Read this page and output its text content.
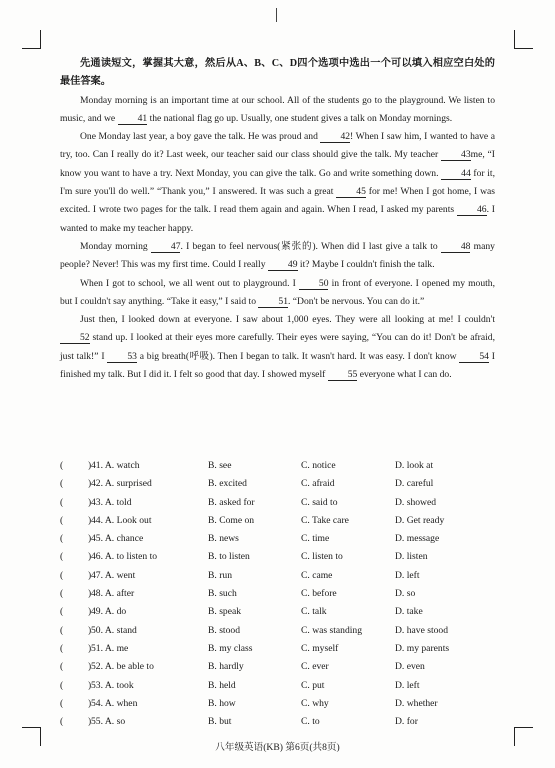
先通读短文，掌握其大意，然后从A、B、C、D四个选项中选出一个可以填入相应空白处的最佳答案。

Monday morning is an important time at our school. All of the students go to the playground. We listen to music, and we 41 the national flag go up. Usually, one student gives a talk on Monday mornings.

One Monday last year, a boy gave the talk. He was proud and 42! When I saw him, I wanted to have a try, too. Can I really do it? Last week, our teacher said our class should give the talk. My teacher 43me, “I know you want to have a try. Next Monday, you can give the talk. Go and write something down. 44 for it, I'm sure you'll do well.” “Thank you,” I answered. It was such a great 45 for me! When I got home, I was excited. I wrote two pages for the talk. I read them again and again. When I read, I asked my parents 46. I wanted to make my teacher happy.

Monday morning 47. I began to feel nervous(紧张的). When did I last give a talk to 48 many people? Never! This was my first time. Could I really 49 it? Maybe I couldn't finish the talk.

When I got to school, we all went out to playground. I 50 in front of everyone. I opened my mouth, but I couldn't say anything. “Take it easy,” I said to 51. “Don't be nervous. You can do it.”

Just then, I looked down at everyone. I saw about 1,000 eyes. They were all looking at me! I couldn't 52 stand up. I looked at their eyes more carefully. Their eyes were saying, “You can do it! Don't be afraid, just talk!” I 53 a big breath(呼吸). Then I began to talk. It wasn't hard. It was easy. I don't know 54 I finished my talk. But I did it. I felt so good that day. I showed myself 55 everyone what I can do.

(	) 41. A. watch	B. see	C. notice	D. look at
(	) 42. A. surprised	B. excited	C. afraid	D. careful
(	) 43. A. told	B. asked for	C. said to	D. showed
(	) 44. A. Look out	B. Come on	C. Take care	D. Get ready
(	) 45. A. chance	B. news	C. time	D. message
(	) 46. A. to listen to	B. to listen	C. listen to	D. listen
(	) 47. A. went	B. run	C. came	D. left
(	) 48. A. after	B. such	C. before	D. so
(	) 49. A. do	B. speak	C. talk	D. take
(	) 50. A. stand	B. stood	C. was standing	D. have stood
(	) 51. A. me	B. my class	C. myself	D. my parents
(	) 52. A. be able to	B. hardly	C. ever	D. even
(	) 53. A. took	B. held	C. put	D. left
(	) 54. A. when	B. how	C. why	D. whether
(	) 55. A. so	B. but	C. to	D. for
八年级英语(KB) 第6页(共8页)
